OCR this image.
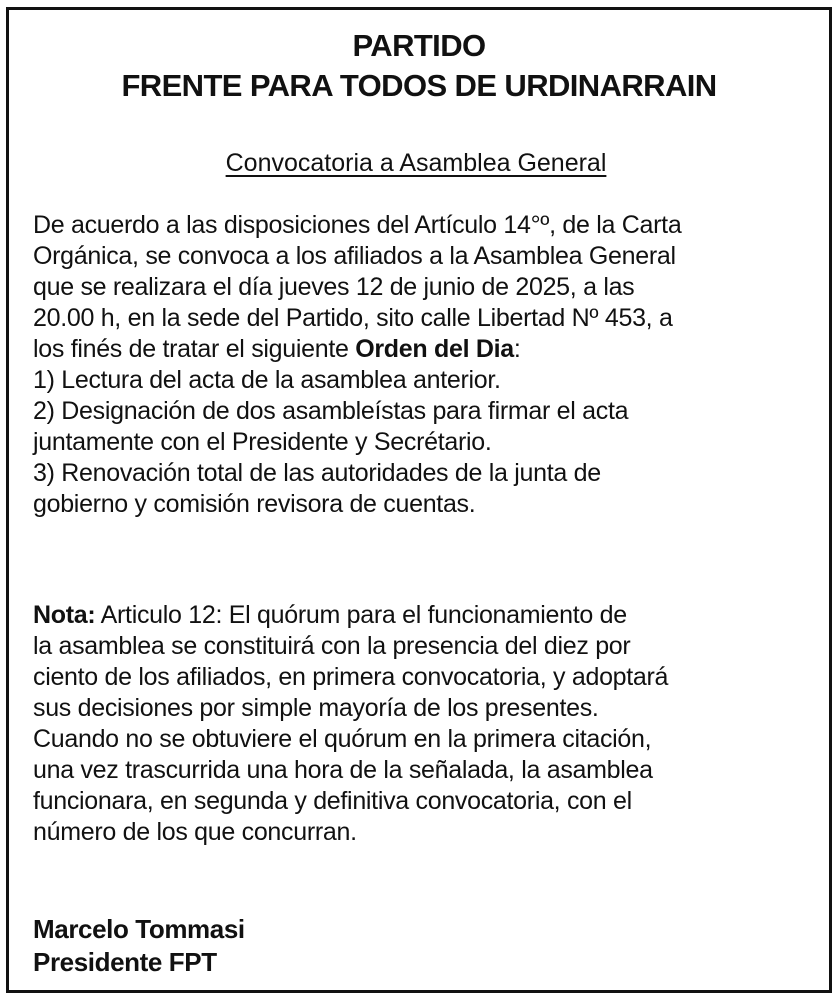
PARTIDO
FRENTE PARA TODOS DE URDINARRAIN
Convocatoria a Asamblea General
De acuerdo a las disposiciones del Artículo 14°º, de la Carta
Orgánica, se convoca a los afiliados a la Asamblea General
que se realizara el día jueves 12 de junio de 2025, a las
20.00 h, en la sede del Partido, sito calle Libertad Nº 453, a
los finés de tratar el siguiente Orden del Dia:
1) Lectura del acta de la asamblea anterior.
2) Designación de dos asambleístas para firmar el acta
juntamente con el Presidente y Secrétario.
3) Renovación total de las autoridades de la junta de
gobierno y comisión revisora de cuentas.
Nota: Articulo 12: El quórum para el funcionamiento de
la asamblea se constituirá con la presencia del diez por
ciento de los afiliados, en primera convocatoria, y adoptará
sus decisiones por simple mayoría de los presentes.
Cuando no se obtuviere el quórum en la primera citación,
una vez trascurrida una hora de la señalada, la asamblea
funcionara, en segunda y definitiva convocatoria, con el
número de los que concurran.
Marcelo Tommasi
Presidente FPT
